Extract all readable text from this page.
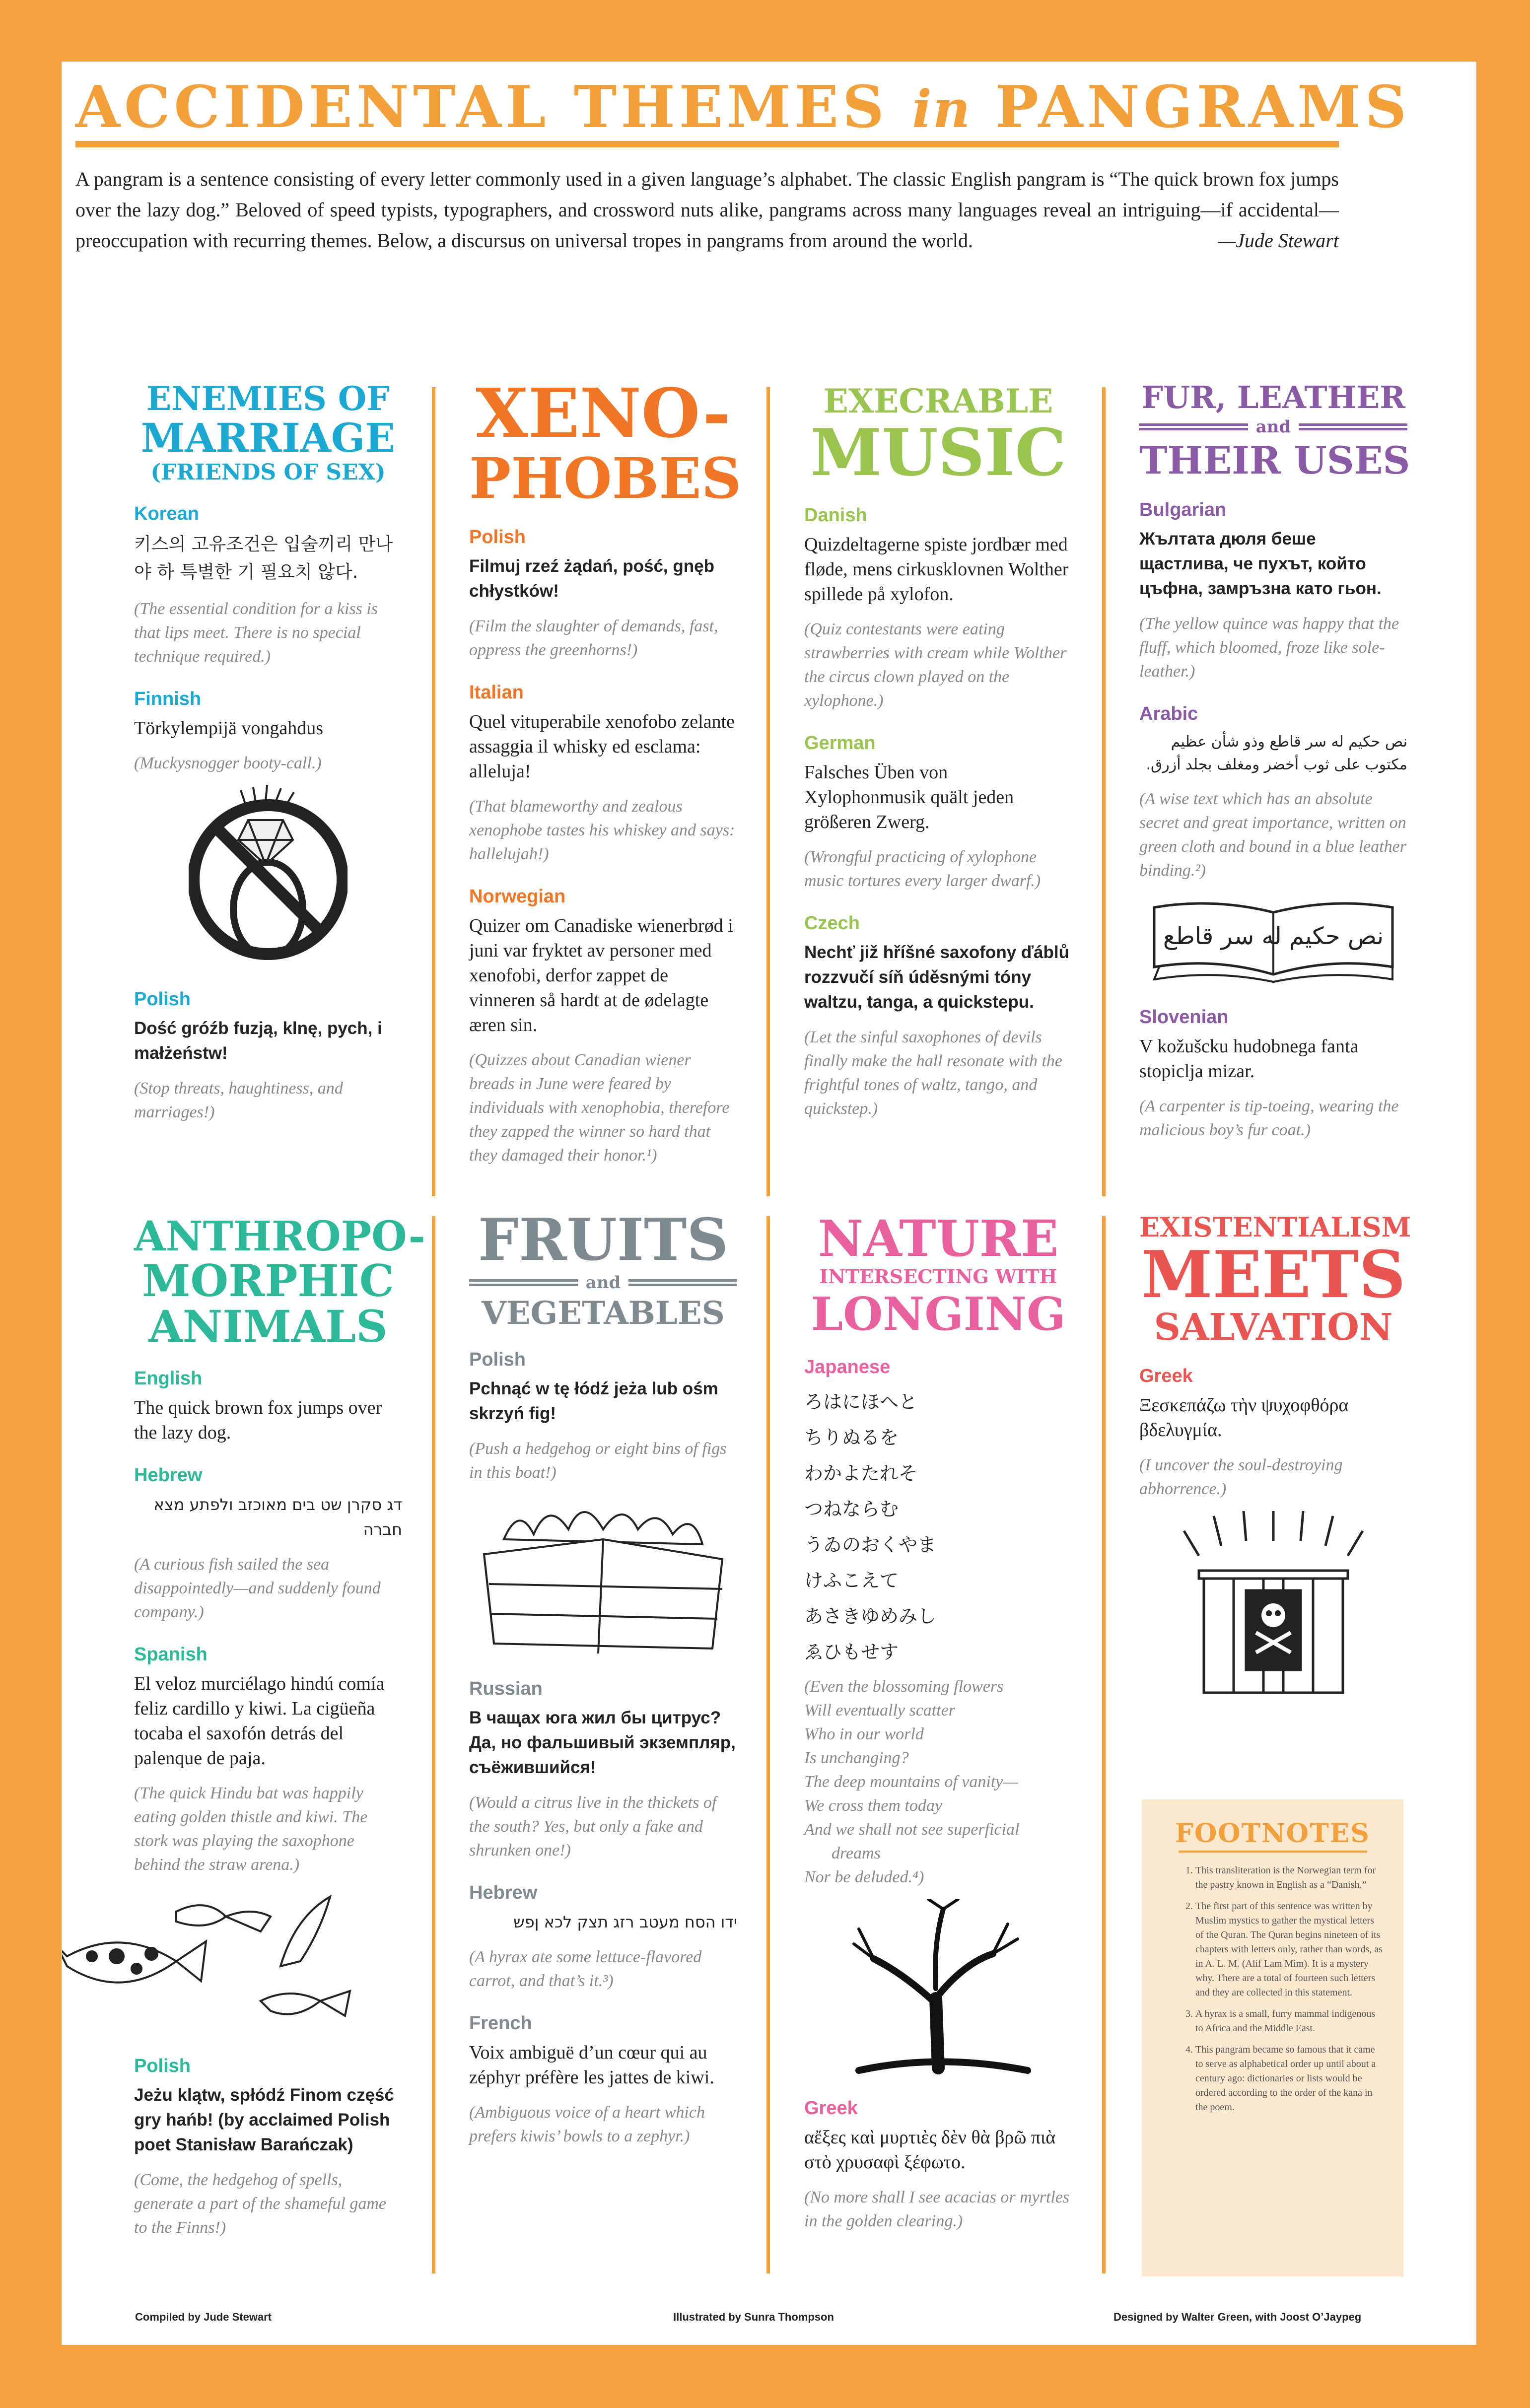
ACCIDENTAL THEMES in PANGRAMS
A pangram is a sentence consisting of every letter commonly used in a given language’s alphabet. The classic English pangram is “The quick brown fox jumps over the lazy dog.” Beloved of speed typists, typographers, and crossword nuts alike, pangrams across many languages reveal an intriguing—if accidental—preoccupation with recurring themes. Below, a discursus on universal tropes in pangrams from around the world.	—Jude Stewart
ENEMIES OF
MARRIAGE
(FRIENDS OF SEX)
Korean
키스의 고유조건은 입술끼리 만나야 하 특별한 기 필요치 않다.
(The essential condition for a kiss is that lips meet. There is no special technique required.)
Finnish
Törkylempijä vongahdus
(Muckysnogger booty-call.)
Polish
Dość gróźb fuzją, klnę, pych, i małżeństw!
(Stop threats, haughtiness, and marriages!)
XENO-
PHOBES
Polish
Filmuj rzeź żądań, pość, gnęb chłystków!
(Film the slaughter of demands, fast, oppress the greenhorns!)
Italian
Quel vituperabile xenofobo zelante assaggia il whisky ed esclama: alleluja!
(That blameworthy and zealous xenophobe tastes his whiskey and says: hallelujah!)
Norwegian
Quizer om Canadiske wienerbrød i juni var fryktet av personer med xenofobi, derfor zappet de vinneren så hardt at de ødelagte æren sin.
(Quizzes about Canadian wiener breads in June were feared by individuals with xenophobia, therefore they zapped the winner so hard that they damaged their honor.¹)
EXECRABLE
MUSIC
Danish
Quizdeltagerne spiste jordbær med fløde, mens cirkusklovnen Wolther spillede på xylofon.
(Quiz contestants were eating strawberries with cream while Wolther the circus clown played on the xylophone.)
German
Falsches Üben von Xylophonmusik quält jeden größeren Zwerg.
(Wrongful practicing of xylophone music tortures every larger dwarf.)
Czech
Nechť již hříšné saxofony ďáblů rozzvučí síň úděsnými tóny waltzu, tanga, a quickstepu.
(Let the sinful saxophones of devils finally make the hall resonate with the frightful tones of waltz, tango, and quickstep.)
FUR, LEATHER
and
THEIR USES
Bulgarian
Жълтата дюля беше щастлива, че пухът, който цъфна, замръзна като гьон.
(The yellow quince was happy that the fluff, which bloomed, froze like sole-leather.)
Arabic
نص حكيم له سر قاطع وذو شأن عظيم مكتوب على ثوب أخضر ومغلف بجلد أزرق.
(A wise text which has an absolute secret and great importance, written on green cloth and bound in a blue leather binding.²)
نص حكيم له سر قاطع
Slovenian
V kožušcku hudobnega fanta stopiclja mizar.
(A carpenter is tip-toeing, wearing the malicious boy’s fur coat.)
ANTHROPO-
MORPHIC
ANIMALS
English
The quick brown fox jumps over the lazy dog.
Hebrew
דג סקרן שט בים מאוכזב ולפתע מצא חברה
(A curious fish sailed the sea disappointedly—and suddenly found company.)
Spanish
El veloz murciélago hindú comía feliz cardillo y kiwi. La cigüeña tocaba el saxofón detrás del palenque de paja.
(The quick Hindu bat was happily eating golden thistle and kiwi. The stork was playing the saxophone behind the straw arena.)
Polish
Jeżu klątw, spłódź Finom część gry hańb! (by acclaimed Polish poet Stanisław Barańczak)
(Come, the hedgehog of spells, generate a part of the shameful game to the Finns!)
FRUITS
and
VEGETABLES
Polish
Pchnąć w tę łódź jeża lub ośm skrzyń fig!
(Push a hedgehog or eight bins of figs in this boat!)
Russian
В чащах юга жил бы цитрус? Да, но фальшивый экземпляр, съёжившийся!
(Would a citrus live in the thickets of the south? Yes, but only a fake and shrunken one!)
Hebrew
ידו הסח מעטב רזג תצק לכא ןפש
(A hyrax ate some lettuce-flavored carrot, and that’s it.³)
French
Voix ambiguë d’un cœur qui au zéphyr préfère les jattes de kiwi.
(Ambiguous voice of a heart which prefers kiwis’ bowls to a zephyr.)
NATURE
INTERSECTING WITH
LONGING
Japanese
ろはにほへと
ちりぬるを
わかよたれそ
つねならむ
うゐのおくやま
けふこえて
あさきゆめみし
ゑひもせす
(Even the blossoming flowers
Will eventually scatter
Who in our world
Is unchanging?
The deep mountains of vanity—
We cross them today
And we shall not see superficial
dreams
Nor be deluded.⁴)
Greek
αἔξες καὶ μυρτιὲς δὲν θὰ βρῶ πιὰ στὸ χρυσαφὶ ξέφωτο.
(No more shall I see acacias or myrtles in the golden clearing.)
EXISTENTIALISM
MEETS
SALVATION
Greek
Ξεσκεπάζω τὴν ψυχοφθόρα βδελυγμία.
(I uncover the soul-destroying abhorrence.)
FOOTNOTES
1. This transliteration is the Norwegian term for the pastry known in English as a “Danish.”
2. The first part of this sentence was written by Muslim mystics to gather the mystical letters of the Quran. The Quran begins nineteen of its chapters with letters only, rather than words, as in A. L. M. (Alif Lam Mim). It is a mystery why. There are a total of fourteen such letters and they are collected in this statement.
3. A hyrax is a small, furry mammal indigenous to Africa and the Middle East.
4. This pangram became so famous that it came to serve as alphabetical order up until about a century ago: dictionaries or lists would be ordered according to the order of the kana in the poem.
Compiled by Jude Stewart	Illustrated by Sunra Thompson	Designed by Walter Green, with Joost O’Jaypeg
